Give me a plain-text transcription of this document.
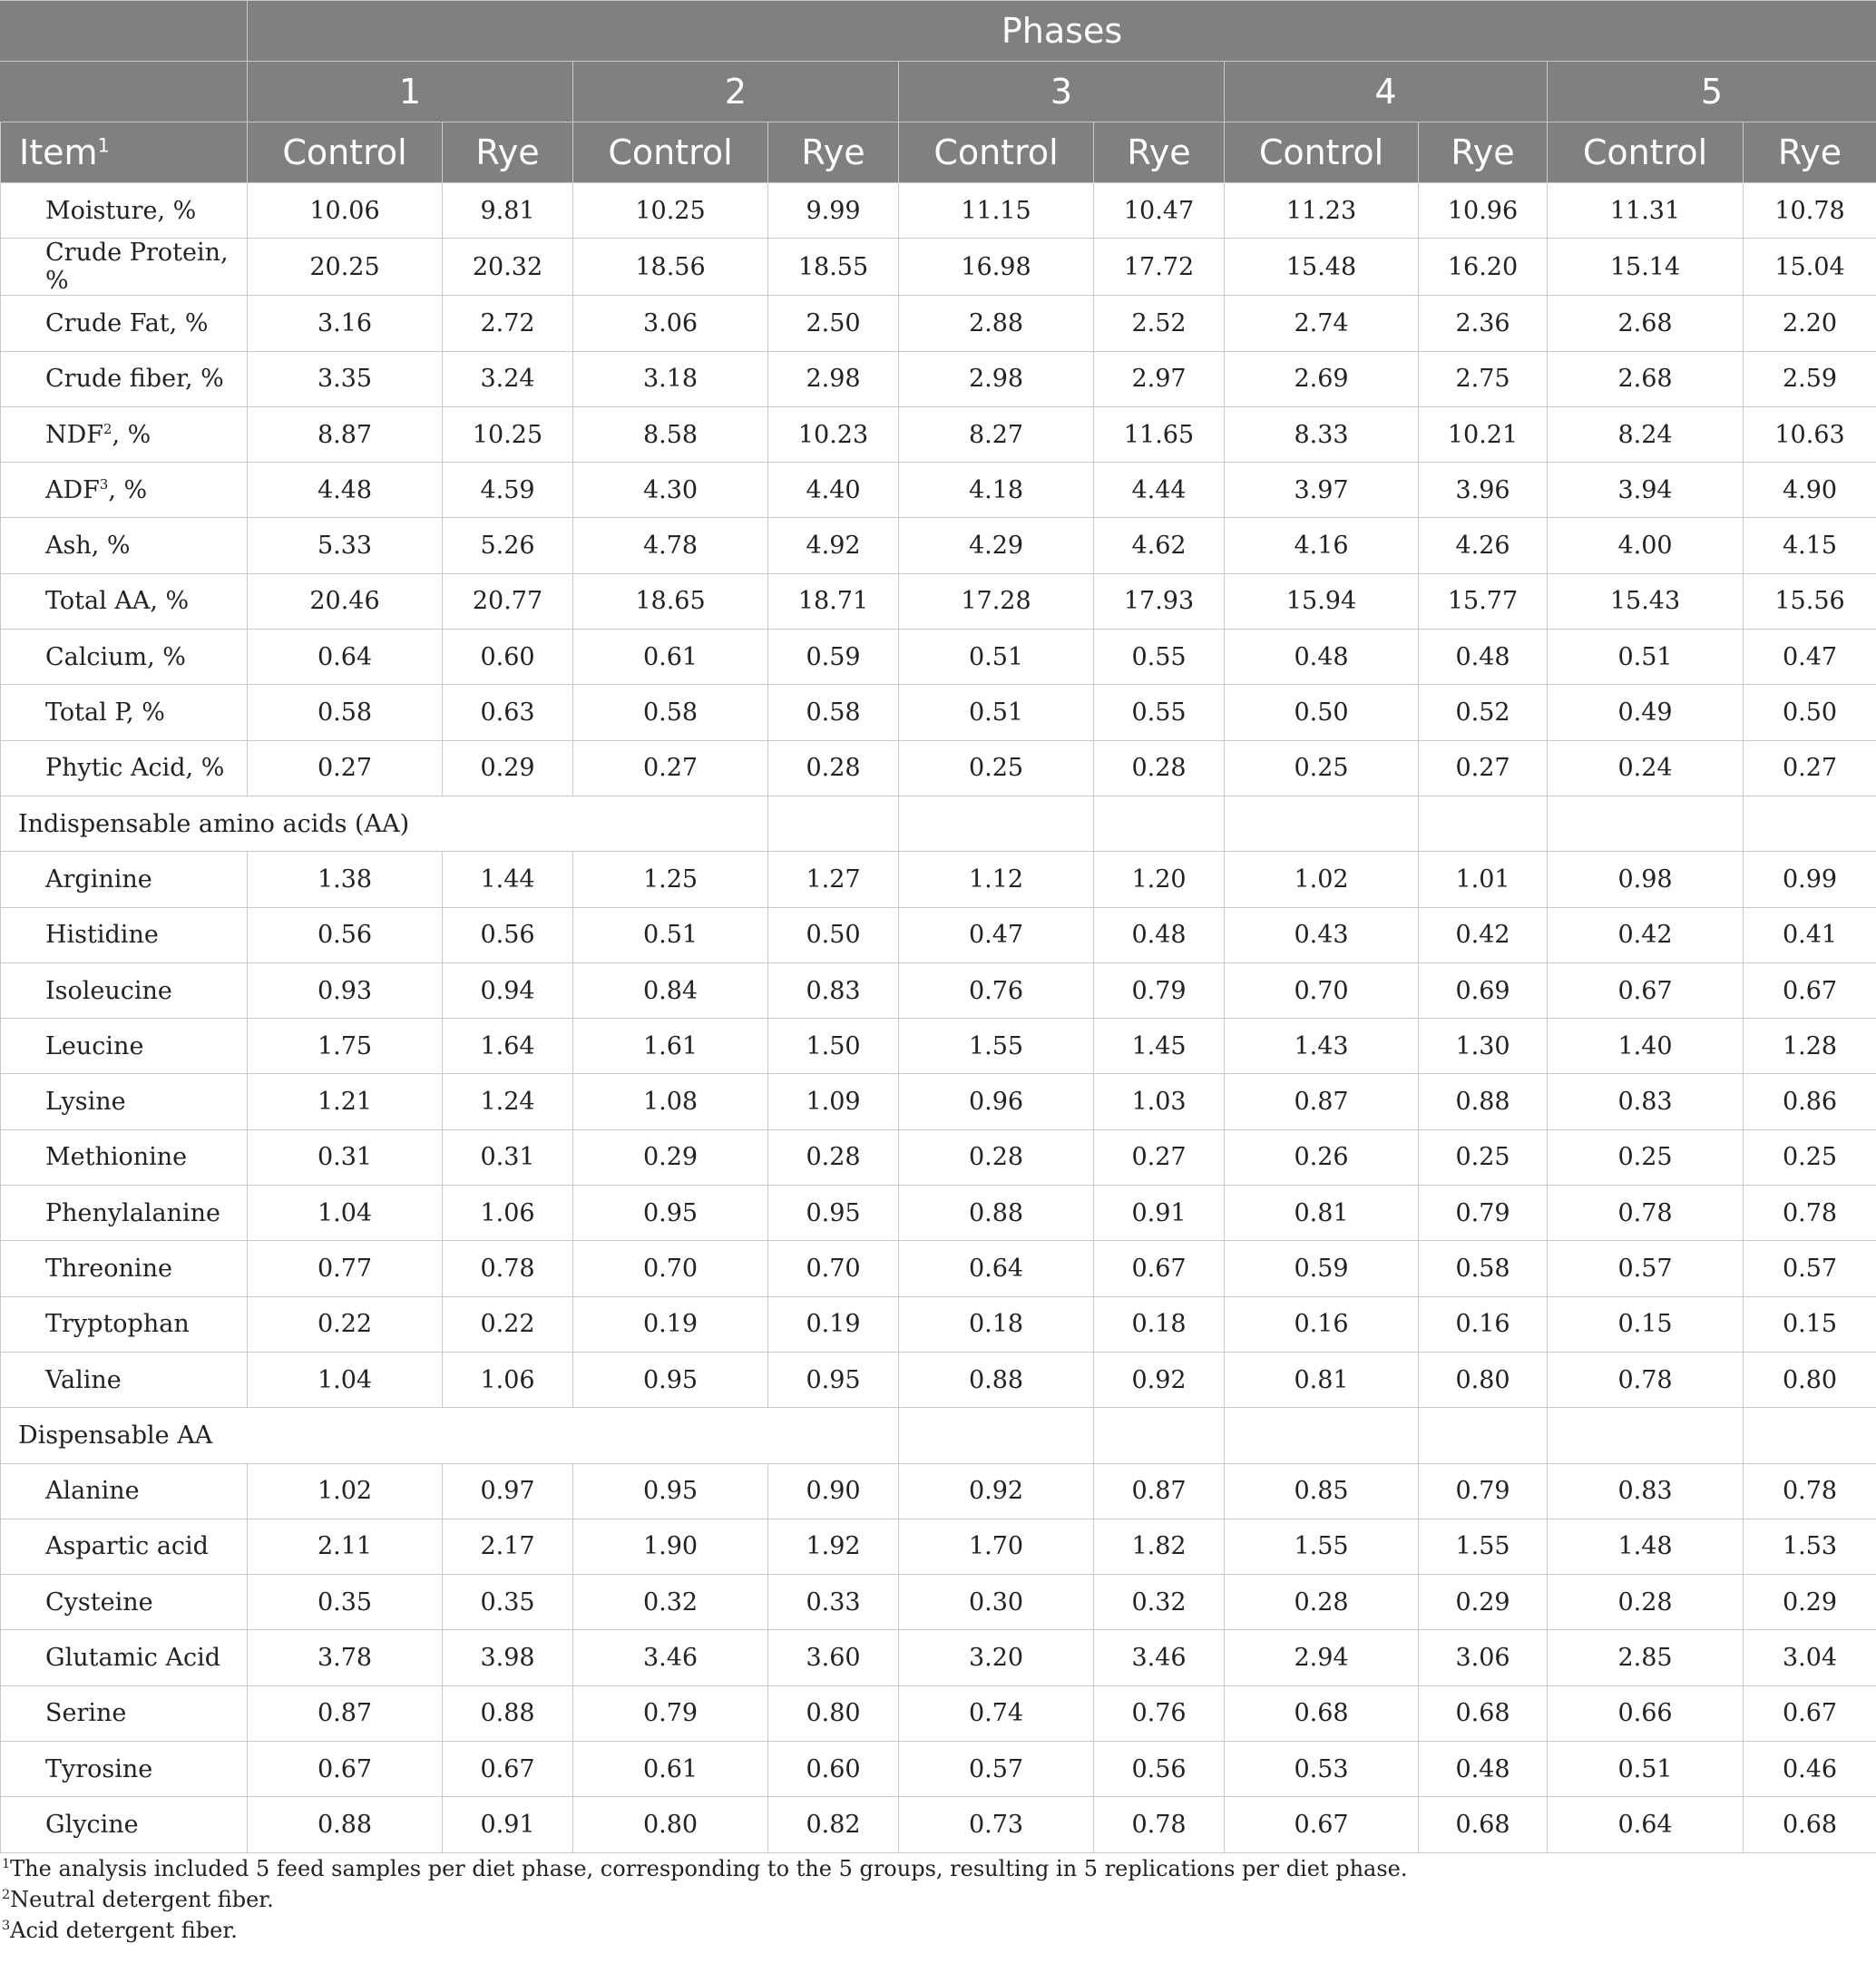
	Phases									
	1		2		3		4		5	
Item$^1$	Control	Rye	Control	Rye	Control	Rye	Control	Rye	Control	Rye
Moisture, %	10.06	9.81	10.25	9.99	11.15	10.47	11.23	10.96	11.31	10.78
Crude Protein, %	20.25	20.32	18.56	18.55	16.98	17.72	15.48	16.20	15.14	15.04
Crude Fat, %	3.16	2.72	3.06	2.50	2.88	2.52	2.74	2.36	2.68	2.20
Crude fiber, %	3.35	3.24	3.18	2.98	2.98	2.97	2.69	2.75	2.68	2.59
NDF$^2$, %	8.87	10.25	8.58	10.23	8.27	11.65	8.33	10.21	8.24	10.63
ADF$^3$, %	4.48	4.59	4.30	4.40	4.18	4.44	3.97	3.96	3.94	4.90
Ash, %	5.33	5.26	4.78	4.92	4.29	4.62	4.16	4.26	4.00	4.15
Total AA, %	20.46	20.77	18.65	18.71	17.28	17.93	15.94	15.77	15.43	15.56
Calcium, %	0.64	0.60	0.61	0.59	0.51	0.55	0.48	0.48	0.51	0.47
Total P, %	0.58	0.63	0.58	0.58	0.51	0.55	0.50	0.52	0.49	0.50
Phytic Acid, %	0.27	0.29	0.27	0.28	0.25	0.28	0.25	0.27	0.24	0.27
Indispensable amino acids (AA)										
Arginine	1.38	1.44	1.25	1.27	1.12	1.20	1.02	1.01	0.98	0.99
Histidine	0.56	0.56	0.51	0.50	0.47	0.48	0.43	0.42	0.42	0.41
Isoleucine	0.93	0.94	0.84	0.83	0.76	0.79	0.70	0.69	0.67	0.67
Leucine	1.75	1.64	1.61	1.50	1.55	1.45	1.43	1.30	1.40	1.28
Lysine	1.21	1.24	1.08	1.09	0.96	1.03	0.87	0.88	0.83	0.86
Methionine	0.31	0.31	0.29	0.28	0.28	0.27	0.26	0.25	0.25	0.25
Phenylalanine	1.04	1.06	0.95	0.95	0.88	0.91	0.81	0.79	0.78	0.78
Threonine	0.77	0.78	0.70	0.70	0.64	0.67	0.59	0.58	0.57	0.57
Tryptophan	0.22	0.22	0.19	0.19	0.18	0.18	0.16	0.16	0.15	0.15
Valine	1.04	1.06	0.95	0.95	0.88	0.92	0.81	0.80	0.78	0.80
Dispensable AA										
Alanine	1.02	0.97	0.95	0.90	0.92	0.87	0.85	0.79	0.83	0.78
Aspartic acid	2.11	2.17	1.90	1.92	1.70	1.82	1.55	1.55	1.48	1.53
Cysteine	0.35	0.35	0.32	0.33	0.30	0.32	0.28	0.29	0.28	0.29
Glutamic Acid	3.78	3.98	3.46	3.60	3.20	3.46	2.94	3.06	2.85	3.04
Serine	0.87	0.88	0.79	0.80	0.74	0.76	0.68	0.68	0.66	0.67
Tyrosine	0.67	0.67	0.61	0.60	0.57	0.56	0.53	0.48	0.51	0.46
Glycine	0.88	0.91	0.80	0.82	0.73	0.78	0.67	0.68	0.64	0.68

$^1$The analysis included 5 feed samples per diet phase, corresponding to the 5 groups, resulting in 5 replications per diet phase.

$^2$Neutral detergent fiber.

$^3$Acid detergent fiber.
